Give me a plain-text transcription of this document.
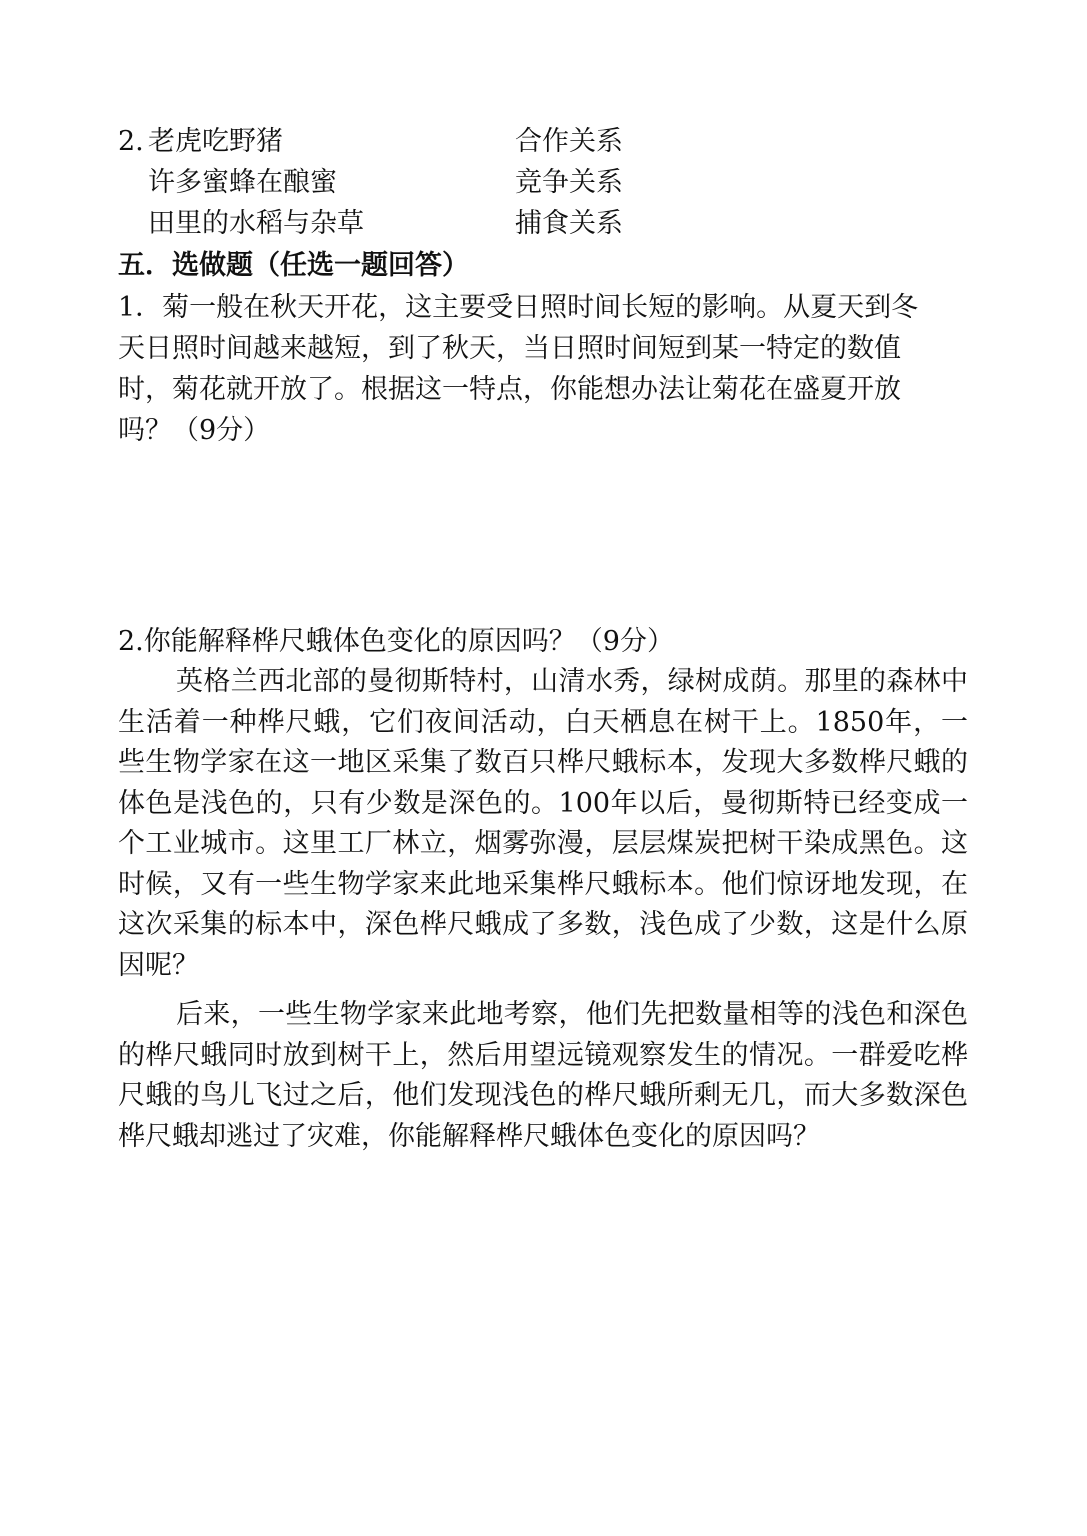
2. 老虎吃野猪	合作关系
许多蜜蜂在酿蜜	竞争关系
田里的水稻与杂草	捕食关系
五．选做题（任选一题回答）
1．菊一般在秋天开花，这主要受日照时间长短的影响。从夏天到冬
天日照时间越来越短，到了秋天，当日照时间短到某一特定的数值
时，菊花就开放了。根据这一特点，你能想办法让菊花在盛夏开放
吗？（9分）
2.你能解释桦尺蛾体色变化的原因吗？（9分）
英格兰西北部的曼彻斯特村，山清水秀，绿树成荫。那里的森林中生活着一种桦尺蛾，它们夜间活动，白天栖息在树干上。1850年，一些生物学家在这一地区采集了数百只桦尺蛾标本，发现大多数桦尺蛾的体色是浅色的，只有少数是深色的。100年以后，曼彻斯特已经变成一个工业城市。这里工厂林立，烟雾弥漫，层层煤炭把树干染成黑色。这时候，又有一些生物学家来此地采集桦尺蛾标本。他们惊讶地发现，在这次采集的标本中，深色桦尺蛾成了多数，浅色成了少数，这是什么原因呢？
后来，一些生物学家来此地考察，他们先把数量相等的浅色和深色的桦尺蛾同时放到树干上，然后用望远镜观察发生的情况。一群爱吃桦尺蛾的鸟儿飞过之后，他们发现浅色的桦尺蛾所剩无几，而大多数深色桦尺蛾却逃过了灾难，你能解释桦尺蛾体色变化的原因吗？
